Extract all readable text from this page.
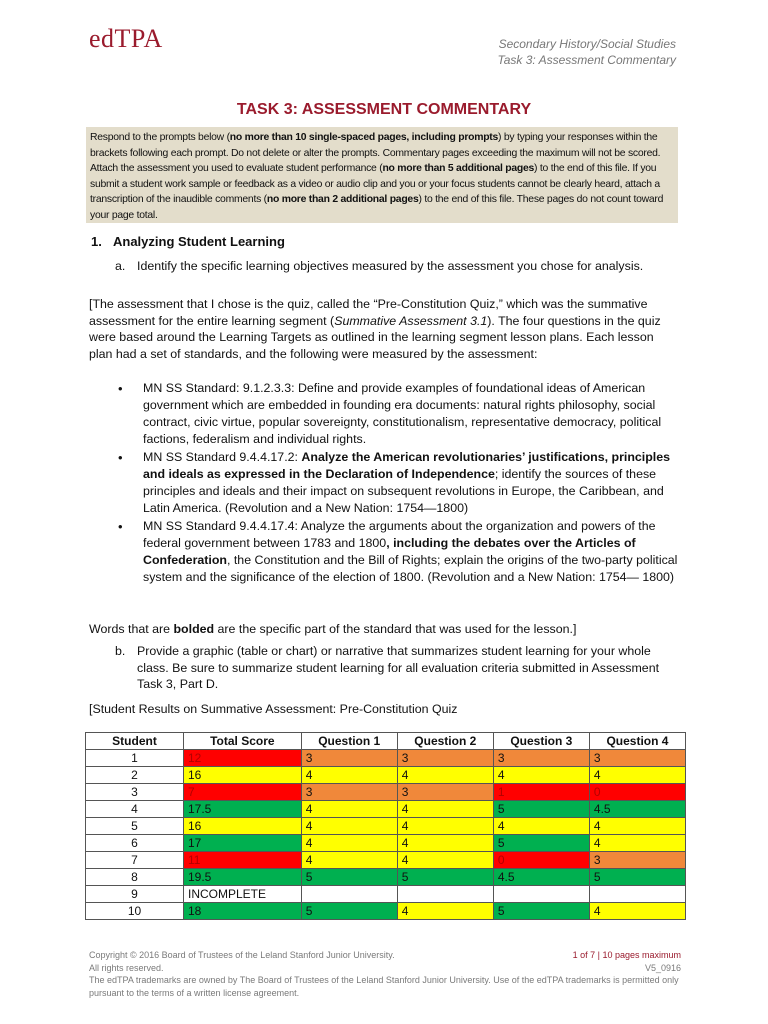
edTPA	Secondary History/Social Studies
Task 3: Assessment Commentary
TASK 3: ASSESSMENT COMMENTARY
Respond to the prompts below (no more than 10 single-spaced pages, including prompts) by typing your responses within the brackets following each prompt. Do not delete or alter the prompts. Commentary pages exceeding the maximum will not be scored. Attach the assessment you used to evaluate student performance (no more than 5 additional pages) to the end of this file. If you submit a student work sample or feedback as a video or audio clip and you or your focus students cannot be clearly heard, attach a transcription of the inaudible comments (no more than 2 additional pages) to the end of this file. These pages do not count toward your page total.
1. Analyzing Student Learning
a. Identify the specific learning objectives measured by the assessment you chose for analysis.
[The assessment that I chose is the quiz, called the “Pre-Constitution Quiz,” which was the summative assessment for the entire learning segment (Summative Assessment 3.1). The four questions in the quiz were based around the Learning Targets as outlined in the learning segment lesson plans. Each lesson plan had a set of standards, and the following were measured by the assessment:
• MN SS Standard: 9.1.2.3.3: Define and provide examples of foundational ideas of American government which are embedded in founding era documents: natural rights philosophy, social contract, civic virtue, popular sovereignty, constitutionalism, representative democracy, political factions, federalism and individual rights.
• MN SS Standard 9.4.4.17.2: Analyze the American revolutionaries’ justifications, principles and ideals as expressed in the Declaration of Independence; identify the sources of these principles and ideals and their impact on subsequent revolutions in Europe, the Caribbean, and Latin America. (Revolution and a New Nation: 1754—1800)
• MN SS Standard 9.4.4.17.4: Analyze the arguments about the organization and powers of the federal government between 1783 and 1800, including the debates over the Articles of Confederation, the Constitution and the Bill of Rights; explain the origins of the two-party political system and the significance of the election of 1800. (Revolution and a New Nation: 1754— 1800)
Words that are bolded are the specific part of the standard that was used for the lesson.]
b. Provide a graphic (table or chart) or narrative that summarizes student learning for your whole class. Be sure to summarize student learning for all evaluation criteria submitted in Assessment Task 3, Part D.
[Student Results on Summative Assessment: Pre-Constitution Quiz
Student	Total Score	Question 1	Question 2	Question 3	Question 4
1	12	3	3	3	3
2	16	4	4	4	4
3	7	3	3	1	0
4	17.5	4	4	5	4.5
5	16	4	4	4	4
6	17	4	4	5	4
7	11	4	4	0	3
8	19.5	5	5	4.5	5
9	INCOMPLETE				
10	18	5	4	5	4
Copyright © 2016 Board of Trustees of the Leland Stanford Junior University.
All rights reserved.
The edTPA trademarks are owned by The Board of Trustees of the Leland Stanford Junior University. Use of the edTPA trademarks is permitted only pursuant to the terms of a written license agreement.
1 of 7 | 10 pages maximum
V5_0916
